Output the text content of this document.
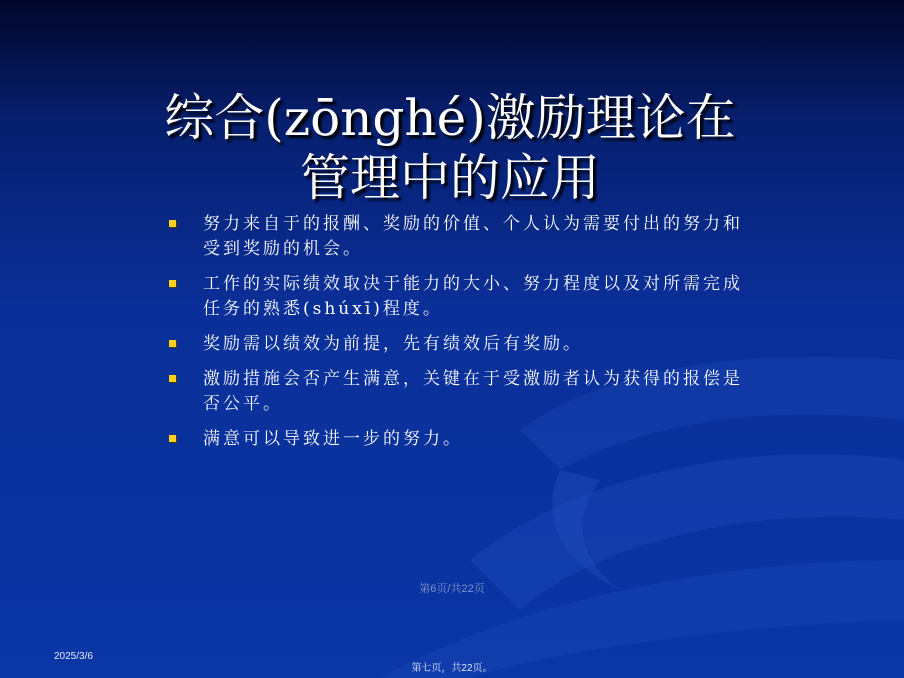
综合(zōnghé)激励理论在
管理中的应用
努力来自于的报酬、奖励的价值、个人认为需要付出的努力和受到奖励的机会。
工作的实际绩效取决于能力的大小、努力程度以及对所需完成任务的熟悉(shúxī)程度。
奖励需以绩效为前提，先有绩效后有奖励。
激励措施会否产生满意，关键在于受激励者认为获得的报偿是否公平。
满意可以导致进一步的努力。
第6页/共22页
2025/3/6
第七页，共22页。
